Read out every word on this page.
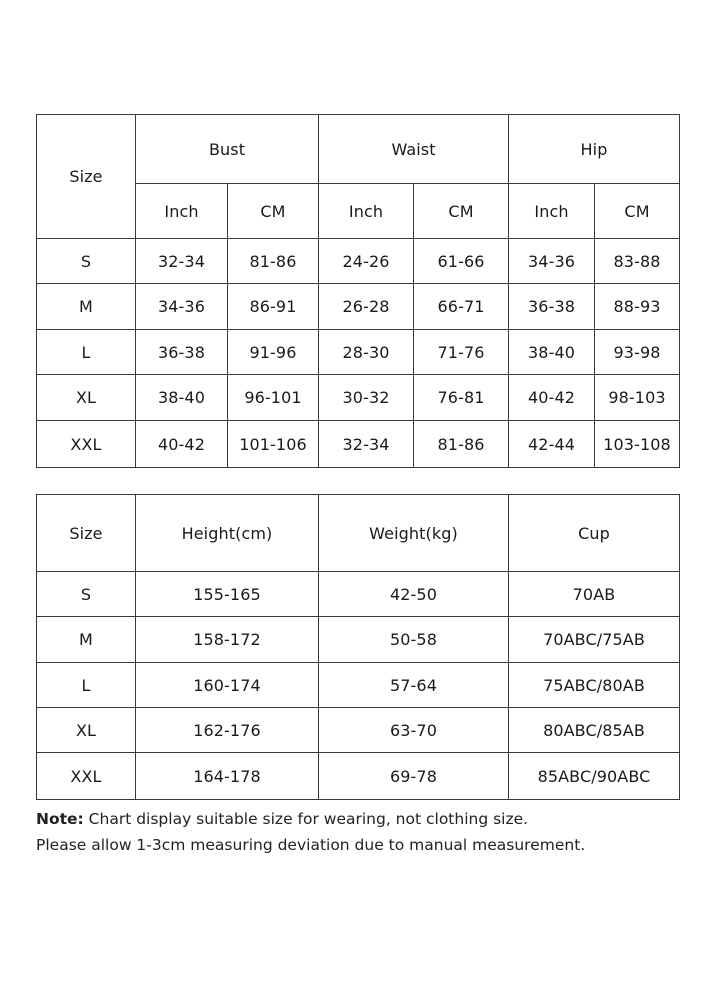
Size	Bust		Waist		Hip	
	Inch	CM	Inch	CM	Inch	CM
S	32-34	81-86	24-26	61-66	34-36	83-88
M	34-36	86-91	26-28	66-71	36-38	88-93
L	36-38	91-96	28-30	71-76	38-40	93-98
XL	38-40	96-101	30-32	76-81	40-42	98-103
XXL	40-42	101-106	32-34	81-86	42-44	103-108
Size	Height(cm)	Weight(kg)	Cup
S	155-165	42-50	70AB
M	158-172	50-58	70ABC/75AB
L	160-174	57-64	75ABC/80AB
XL	162-176	63-70	80ABC/85AB
XXL	164-178	69-78	85ABC/90ABC

Note: Chart display suitable size for wearing, not clothing size.

Please allow 1-3cm measuring deviation due to manual measurement.
